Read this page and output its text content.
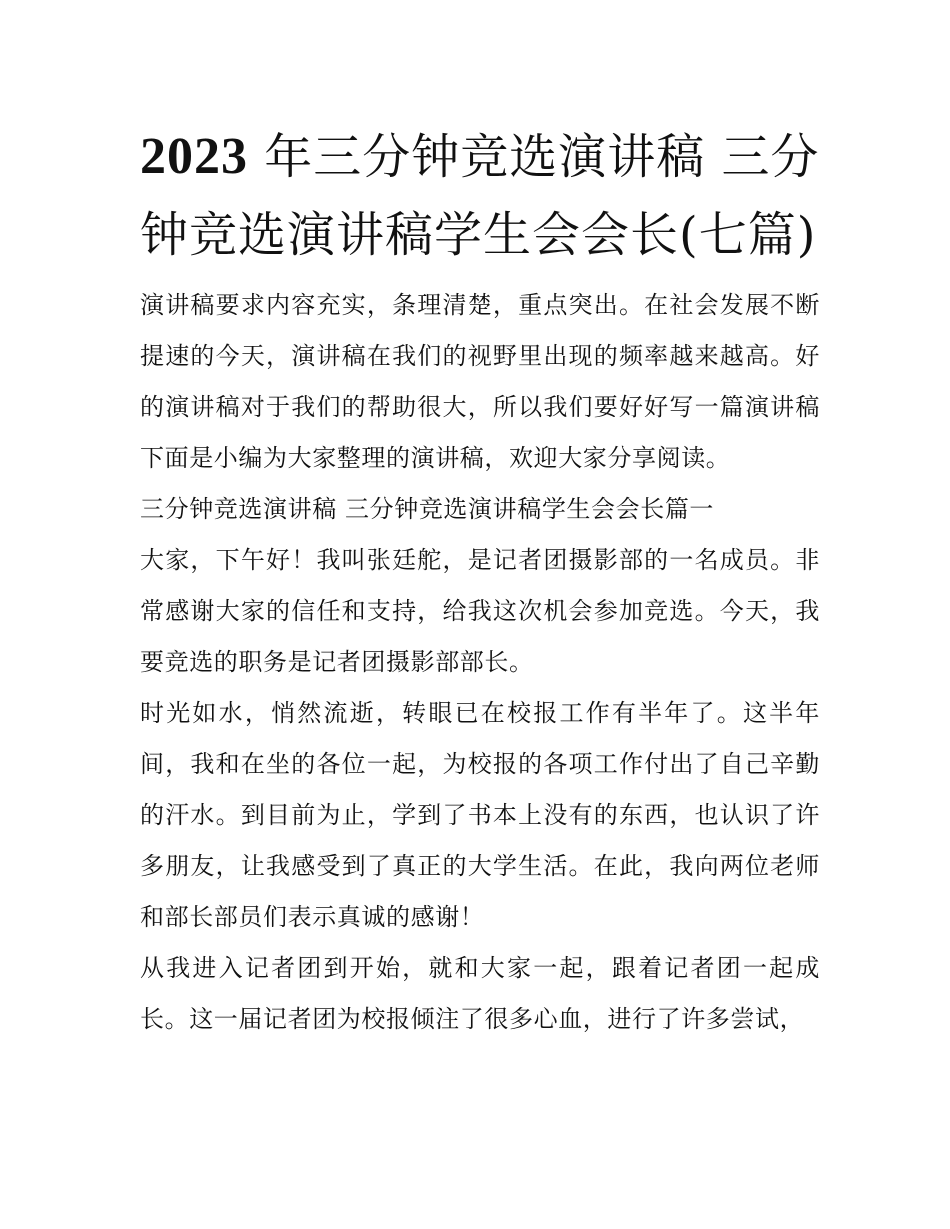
2023 年三分钟竞选演讲稿 三分钟竞选演讲稿学生会会长(七篇)

演讲稿要求内容充实，条理清楚，重点突出。在社会发展不断提速的今天，演讲稿在我们的视野里出现的频率越来越高。好的演讲稿对于我们的帮助很大，所以我们要好好写一篇演讲稿下面是小编为大家整理的演讲稿，欢迎大家分享阅读。

三分钟竞选演讲稿 三分钟竞选演讲稿学生会会长篇一

大家，下午好！我叫张廷舵，是记者团摄影部的一名成员。非常感谢大家的信任和支持，给我这次机会参加竞选。今天，我要竞选的职务是记者团摄影部部长。

时光如水，悄然流逝，转眼已在校报工作有半年了。这半年间，我和在坐的各位一起，为校报的各项工作付出了自己辛勤的汗水。到目前为止，学到了书本上没有的东西，也认识了许多朋友，让我感受到了真正的大学生活。在此，我向两位老师和部长部员们表示真诚的感谢！

从我进入记者团到开始，就和大家一起，跟着记者团一起成长。这一届记者团为校报倾注了很多心血，进行了许多尝试，
